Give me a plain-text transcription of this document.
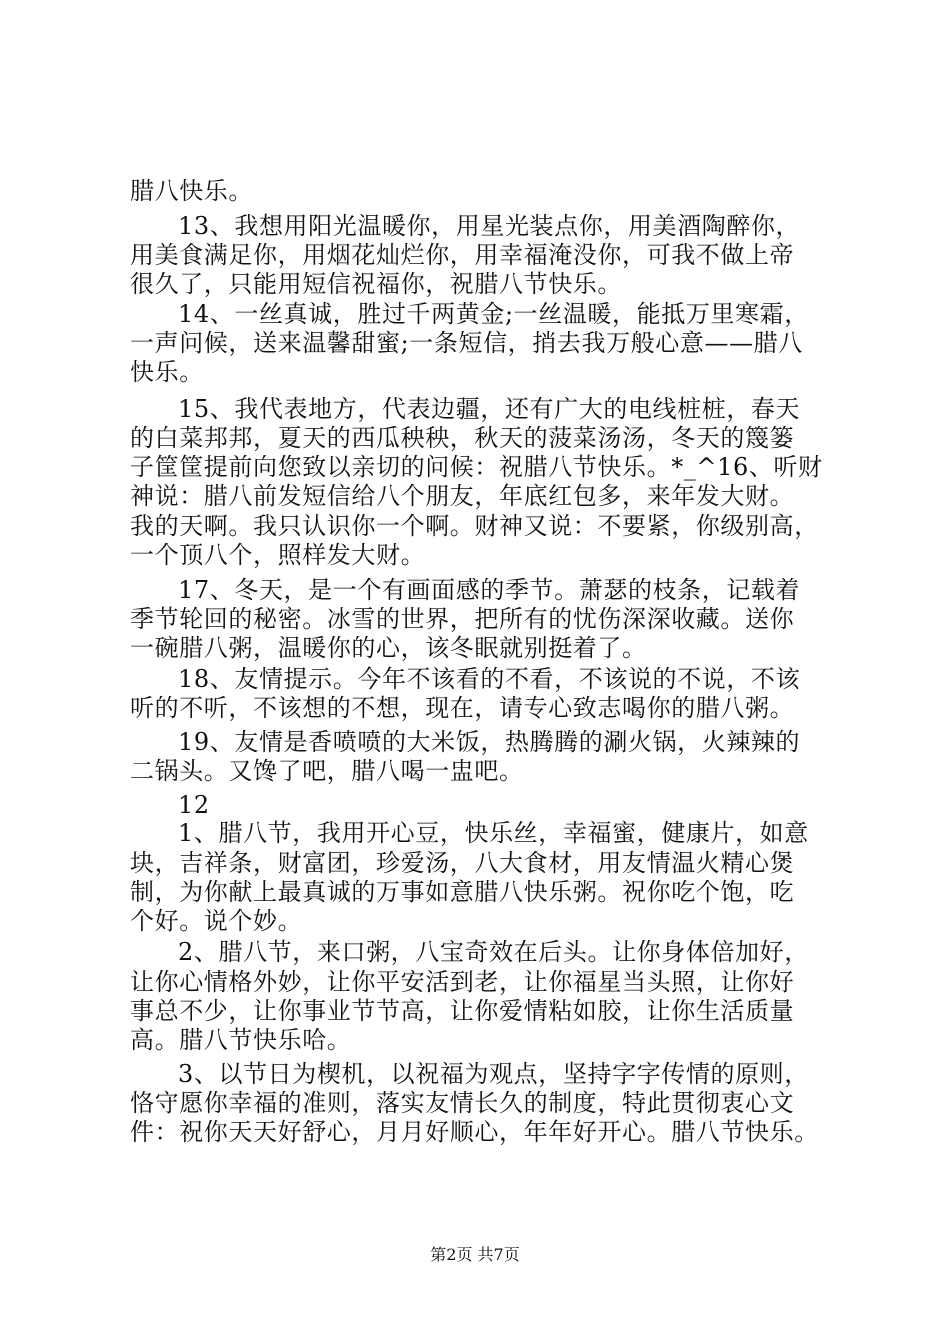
腊八快乐。
13、我想用阳光温暖你，用星光装点你，用美酒陶醉你，
用美食满足你，用烟花灿烂你，用幸福淹没你，可我不做上帝
很久了，只能用短信祝福你，祝腊八节快乐。
14、一丝真诚，胜过千两黄金;一丝温暖，能抵万里寒霜，
一声问候，送来温馨甜蜜;一条短信，捎去我万般心意——腊八
快乐。
15、我代表地方，代表边疆，还有广大的电线桩桩，春天
的白菜邦邦，夏天的西瓜秧秧，秋天的菠菜汤汤，冬天的篾篓
子筐筐提前向您致以亲切的问候：祝腊八节快乐。*_^16、听财
神说：腊八前发短信给八个朋友，年底红包多，来年发大财。
我的天啊。我只认识你一个啊。财神又说：不要紧，你级别高，
一个顶八个，照样发大财。
17、冬天，是一个有画面感的季节。萧瑟的枝条，记载着
季节轮回的秘密。冰雪的世界，把所有的忧伤深深收藏。送你
一碗腊八粥，温暖你的心，该冬眠就别挺着了。
18、友情提示。今年不该看的不看，不该说的不说，不该
听的不听，不该想的不想，现在，请专心致志喝你的腊八粥。
19、友情是香喷喷的大米饭，热腾腾的涮火锅，火辣辣的
二锅头。又馋了吧，腊八喝一盅吧。
12
1、腊八节，我用开心豆，快乐丝，幸福蜜，健康片，如意
块，吉祥条，财富团，珍爱汤，八大食材，用友情温火精心煲
制，为你献上最真诚的万事如意腊八快乐粥。祝你吃个饱，吃
个好。说个妙。
2、腊八节，来口粥，八宝奇效在后头。让你身体倍加好，
让你心情格外妙，让你平安活到老，让你福星当头照，让你好
事总不少，让你事业节节高，让你爱情粘如胶，让你生活质量
高。腊八节快乐哈。
3、以节日为楔机，以祝福为观点，坚持字字传情的原则，
恪守愿你幸福的准则，落实友情长久的制度，特此贯彻衷心文
件：祝你天天好舒心，月月好顺心，年年好开心。腊八节快乐。
第2页 共7页
